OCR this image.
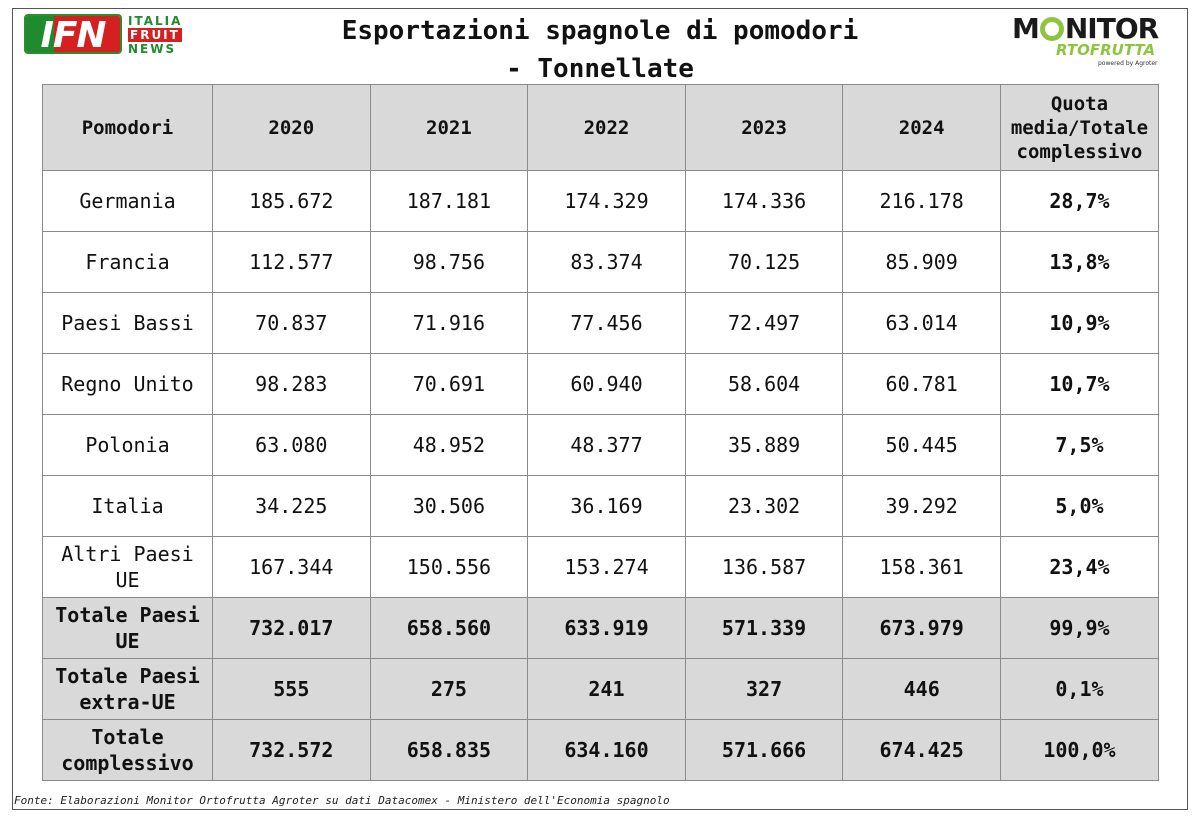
IFN	ITALIA
FRUIT
NEWS
Esportazioni spagnole di pomodori
- Tonnellate
M NITOR
RTOFRUTTA
powered by Agroter
Pomodori	2020	2021	2022	2023	2024	Quota media/Totale complessivo
Germania	185.672	187.181	174.329	174.336	216.178	28,7%
Francia	112.577	98.756	83.374	70.125	85.909	13,8%
Paesi Bassi	70.837	71.916	77.456	72.497	63.014	10,9%
Regno Unito	98.283	70.691	60.940	58.604	60.781	10,7%
Polonia	63.080	48.952	48.377	35.889	50.445	7,5%
Italia	34.225	30.506	36.169	23.302	39.292	5,0%
Altri Paesi UE	167.344	150.556	153.274	136.587	158.361	23,4%
Totale Paesi UE	732.017	658.560	633.919	571.339	673.979	99,9%
Totale Paesi extra-UE	555	275	241	327	446	0,1%
Totale complessivo	732.572	658.835	634.160	571.666	674.425	100,0%
Fonte: Elaborazioni Monitor Ortofrutta Agroter su dati Datacomex - Ministero dell'Economia spagnolo
